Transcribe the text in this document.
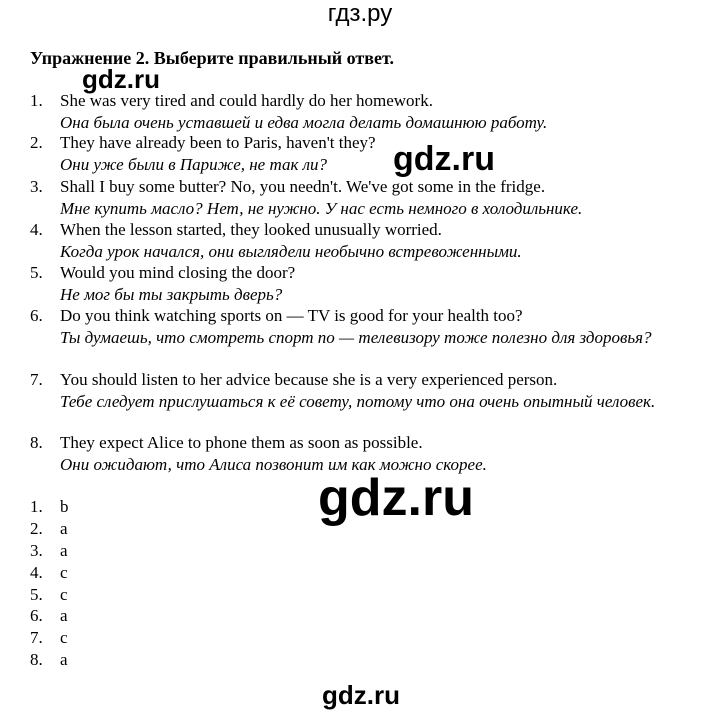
гдз.ру
gdz.ru
gdz.ru
gdz.ru
gdz.ru
Упражнение 2. Выберите правильный ответ.
1.	She was very tired and could hardly do her homework.
Она была очень уставшей и едва могла делать домашнюю работу.
2.	They have already been to Paris, haven't they?
Они уже были в Париже, не так ли?
3.	Shall I buy some butter? No, you needn't. We've got some in the fridge.
Мне купить масло? Нет, не нужно. У нас есть немного в холодильнике.
4.	When the lesson started, they looked unusually worried.
Когда урок начался, они выглядели необычно встревоженными.
5.	Would you mind closing the door?
Не мог бы ты закрыть дверь?
6.	Do you think watching sports on — TV is good for your health too?
Ты думаешь, что смотреть спорт по — телевизору тоже полезно для здоровья?
7.	You should listen to her advice because she is a very experienced person.
Тебе следует прислушаться к её совету, потому что она очень опытный человек.
8.	They expect Alice to phone them as soon as possible.
Они ожидают, что Алиса позвонит им как можно скорее.
1. b
2. a
3. a
4. c
5. c
6. a
7. c
8. a
